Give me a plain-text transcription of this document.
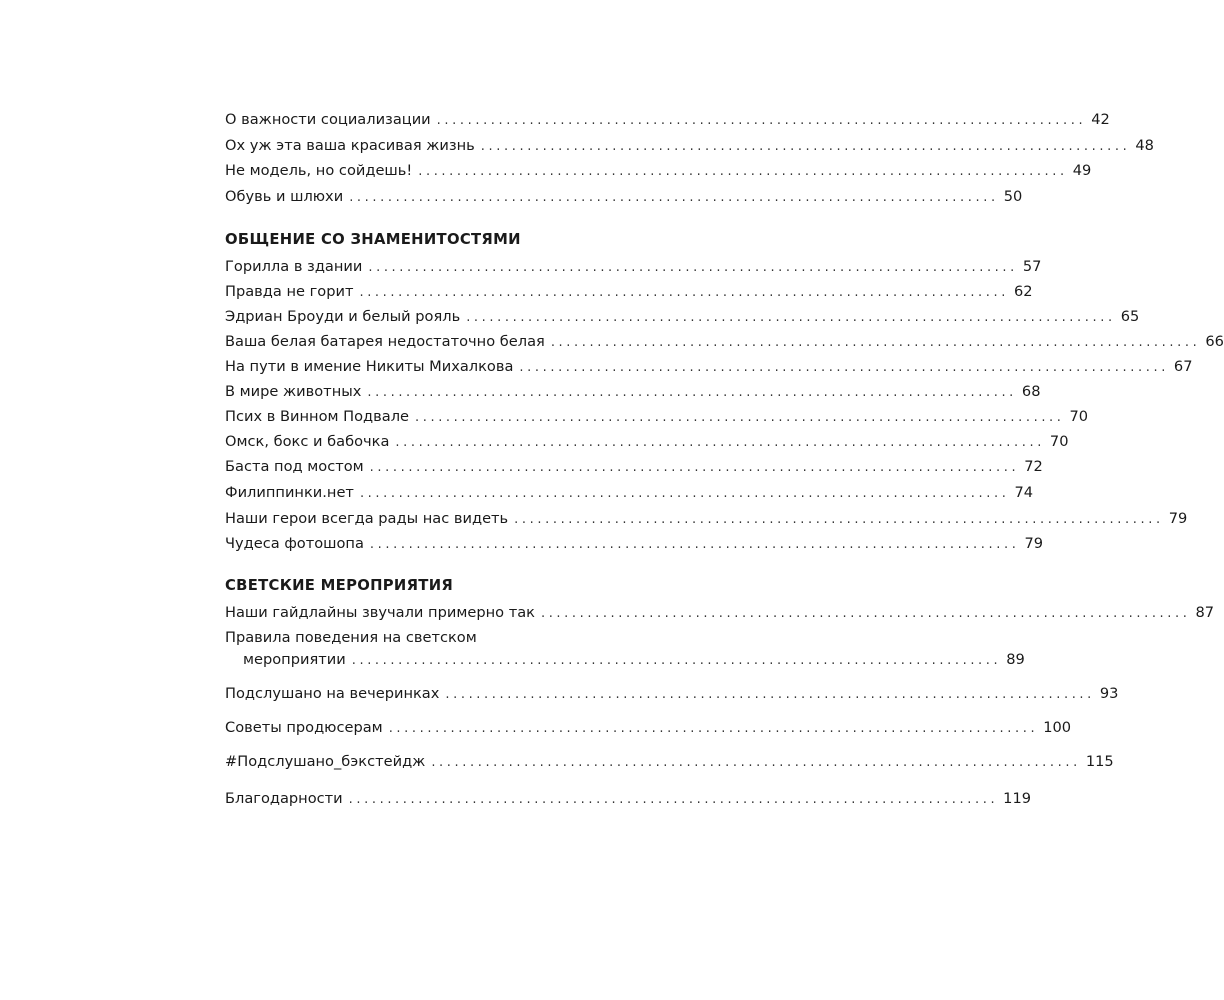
О важности социализации .................................................................................... 42
Ох уж эта ваша красивая жизнь .................................................................................... 48
Не модель, но сойдешь! .................................................................................... 49
Обувь и шлюхи .................................................................................... 50
ОБЩЕНИЕ СО ЗНАМЕНИТОСТЯМИ
Горилла в здании .................................................................................... 57
Правда не горит .................................................................................... 62
Эдриан Броуди и белый рояль .................................................................................... 65
Ваша белая батарея недостаточно белая .................................................................................... 66
На пути в имение Никиты Михалкова .................................................................................... 67
В мире животных .................................................................................... 68
Псих в Винном Подвале .................................................................................... 70
Омск, бокс и бабочка .................................................................................... 70
Баста под мостом .................................................................................... 72
Филиппинки.нет .................................................................................... 74
Наши герои всегда рады нас видеть .................................................................................... 79
Чудеса фотошопа .................................................................................... 79
СВЕТСКИЕ МЕРОПРИЯТИЯ
Наши гайдлайны звучали примерно так .................................................................................... 87
Правила поведения на светском
мероприятии .................................................................................... 89
Подслушано на вечеринках .................................................................................... 93
Советы продюсерам .................................................................................... 100
#Подслушано_бэкстейдж .................................................................................... 115
Благодарности .................................................................................... 119
